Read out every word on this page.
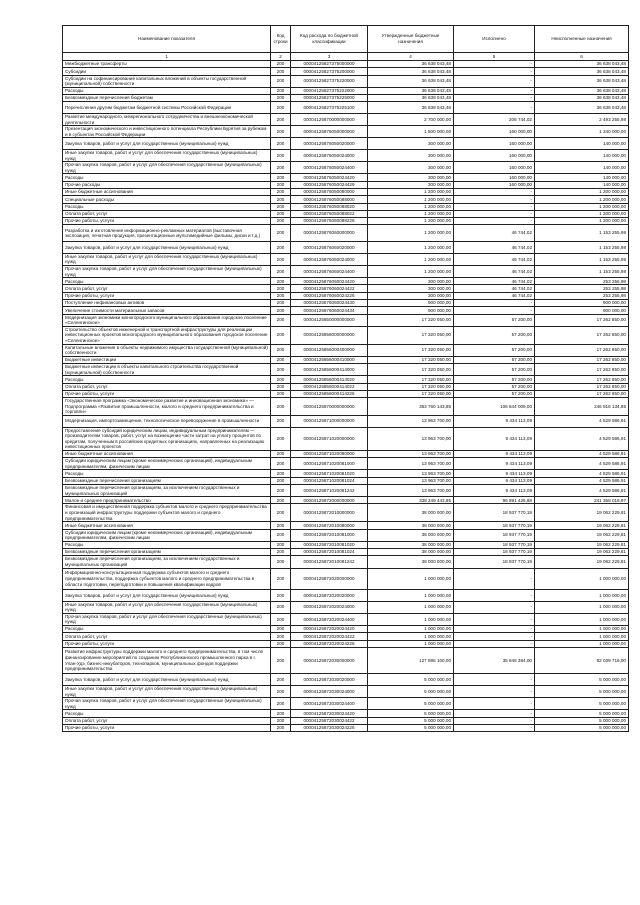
Наименование показателя	Код строки	Код расхода по бюджетной классификации	Утвержденные бюджетные назначения	Исполнено	Неисполненные назначения
1	2	3	4	5	6
Межбюджетные трансферты	200	00004125827375000000	36 638 043,48	-	36 638 043,48
Субсидии	200	00004125827375200000	36 638 043,48	-	36 638 043,48
Субсидии на софинансирование капитальных вложений в объекты государственной (муниципальной) собственности	200	00004125827375220000	36 638 043,48	-	36 638 043,48
Расходы	200	00004125827375222000	36 638 043,48	-	36 638 043,48
Безвозмездные перечисления бюджетам	200	00004125827375225000	36 638 043,48	-	36 638 043,48
Перечисления другим бюджетам бюджетной системы Российской Федерации	200	00004125827375225100	36 638 043,48	-	36 638 043,48
Развитие международного, межрегионального сотрудничества и внешнеэкономической деятельности	200	00004125870000000000	2 700 000,00	206 744,02	2 493 255,98
Презентация экономического и инвестиционного потенциала Республики Бурятия за рубежом и в субъектах Российской Федерации	200	00004125876050000000	1 500 000,00	160 000,00	1 340 000,00
Закупка товаров, работ и услуг для государственных (муниципальных) нужд	200	00004125876050020000	300 000,00	160 000,00	140 000,00
Иные закупки товаров, работ и услуг для обеспечения государственных (муниципальных) нужд	200	00004125876050024000	300 000,00	160 000,00	140 000,00
Прочая закупка товаров, работ и услуг для обеспечения государственных (муниципальных) нужд	200	00004125876050024400	300 000,00	160 000,00	140 000,00
Расходы	200	00004125876050024420	300 000,00	160 000,00	140 000,00
Прочие расходы	200	00004125876050024429	300 000,00	160 000,00	140 000,00
Иные бюджетные ассигнования	200	00004125876050080000	1 200 000,00	-	1 200 000,00
Специальные расходы	200	00004125876050088000	1 200 000,00	-	1 200 000,00
Расходы	200	00004125876050088020	1 200 000,00	-	1 200 000,00
Оплата работ, услуг	200	00004125876050088022	1 200 000,00	-	1 200 000,00
Прочие работы, услуги	200	00004125876050088226	1 200 000,00	-	1 200 000,00
Разработка и изготовление информационно-рекламных материалов (выставочная экспозиция, печатная продукция, презентационные мультимедийные фильмы, диски и т.д.)	200	00004125876060000000	1 200 000,00	46 744,02	1 153 255,98
Закупка товаров, работ и услуг для государственных (муниципальных) нужд	200	00004125876060020000	1 200 000,00	46 744,02	1 153 255,98
Иные закупки товаров, работ и услуг для обеспечения государственных (муниципальных) нужд	200	00004125876060024000	1 200 000,00	46 744,02	1 153 255,98
Прочая закупка товаров, работ и услуг для обеспечения государственных (муниципальных) нужд	200	00004125876060024400	1 200 000,00	46 744,02	1 153 255,98
Расходы	200	00004125876060024420	300 000,00	46 744,02	253 255,98
Оплата работ, услуг	200	00004125876060024422	300 000,00	46 744,02	253 255,98
Прочие работы, услуги	200	00004125876060024226	300 000,00	46 744,02	253 255,98
Поступление нефинансовых активов	200	00004125876060024430	900 000,00	-	900 000,00
Увеличение стоимости материальных запасов	200	00004125876060024434	900 000,00	-	900 000,00
Модернизация экономики моногородского муниципального образования городское поселение «Селенгинское»	200	00004125850000000000	17 320 050,00	57 200,00	17 262 850,00
Строительство объектов инженерной и транспортной инфраструктуры для реализации инвестиционных проектов моногородского муниципального образования городское поселение «Селенгинское»	200	00004125856000000000	17 320 050,00	57 200,00	17 262 850,00
Капитальные вложения в объекты недвижимого имущества государственной (муниципальной) собственности	200	00004125856000400000	17 320 050,00	57 200,00	17 262 850,00
Бюджетные инвестиции	200	00004125856000410000	17 320 050,00	57 200,00	17 262 850,00
Бюджетные инвестиции в объекты капитального строительства государственной (муниципальной) собственности	200	00004125856000414000	17 320 050,00	57 200,00	17 262 850,00
Расходы	200	00004125856000414020	17 320 050,00	57 200,00	17 262 850,00
Оплата работ, услуг	200	00004125856000414022	17 320 050,00	57 200,00	17 262 850,00
Прочие работы, услуги	200	00004125856000414226	17 320 050,00	57 200,00	17 262 850,00
Государственная программа «Экономическое развитие и инновационная экономика» — Подпрограмма «Развитие промышленности, малого и среднего предпринимательства и торговли»	200	00004125870000000000	353 760 143,85	106 844 009,00	246 916 134,85
Модернизация, импортозамещение, технологическое перевооружение в промышленности	200	00004125871000000000	13 963 700,00	9 434 113,09	4 529 586,91
Предоставление субсидий юридическим лицам, индивидуальным предпринимателям — производителям товаров, работ, услуг на возмещение части затрат на уплату процентов по кредитам, полученным в российских кредитных организациях, направленных на реализацию инвестиционных проектов	200	00004125871020000000	13 963 700,00	9 434 113,09	4 529 586,91
Иные бюджетные ассигнования	200	00004125871020080000	13 963 700,00	9 434 113,09	4 529 586,91
Субсидии юридическим лицам (кроме некоммерческих организаций), индивидуальным предпринимателям, физическим лицам	200	00004125871020081000	13 963 700,00	9 434 113,09	4 529 586,91
Расходы	200	00004125871020081020	13 963 700,00	9 434 113,09	4 529 586,91
Безвозмездные перечисления организациям	200	00004125871020081024	13 963 700,00	9 434 113,09	4 529 586,91
Безвозмездные перечисления организациям, за исключением государственных и муниципальных организаций	200	00004125871020081242	13 963 700,00	9 434 113,09	4 529 586,91
Малое и среднее предпринимательство	200	00004125872000000000	338 249 443,85	96 891 426,88	241 358 016,97
Финансовая и имущественная поддержка субъектов малого и среднего предпринимательства и организаций инфраструктуры поддержки субъектов малого и среднего предпринимательства	200	00004125872010000000	38 000 000,00	18 937 770,19	19 062 229,81
Иные бюджетные ассигнования	200	00004125872010080000	38 000 000,00	18 937 770,19	19 062 229,81
Субсидии юридическим лицам (кроме некоммерческих организаций), индивидуальным предпринимателям, физическим лицам	200	00004125872010081000	38 000 000,00	18 937 770,19	19 062 229,81
Расходы	200	00004125872010081020	38 000 000,00	18 937 770,19	19 062 229,81
Безвозмездные перечисления организациям	200	00004125872010081024	38 000 000,00	18 937 770,19	19 062 229,81
Безвозмездные перечисления организациям, за исключением государственных и муниципальных организаций	200	00004125872010081242	38 000 000,00	18 937 770,19	19 062 229,81
Информационно-консультационная поддержка субъектов малого и среднего предпринимательства, поддержка субъектов малого и среднего предпринимательства в области подготовки, переподготовки и повышения квалификации кадров	200	00004125872020000000	1 000 000,00	-	1 000 000,00
Закупка товаров, работ и услуг для государственных (муниципальных) нужд	200	00004125872020020000	1 000 000,00	-	1 000 000,00
Иные закупки товаров, работ и услуг для обеспечения государственных (муниципальных) нужд	200	00004125872020024000	1 000 000,00	-	1 000 000,00
Прочая закупка товаров, работ и услуг для обеспечения государственных (муниципальных) нужд	200	00004125872020024400	1 000 000,00	-	1 000 000,00
Расходы	200	00004125872020024420	1 000 000,00	-	1 000 000,00
Оплата работ, услуг	200	00004125872020024422	1 000 000,00	-	1 000 000,00
Прочие работы, услуги	200	00004125872020024226	1 000 000,00	-	1 000 000,00
Развитие инфраструктуры поддержки малого и среднего предпринимательства, в том числе финансирование мероприятий по созданию Республиканского промышленного парка в г. Улан-Удэ, бизнес-инкубаторов, технопарков, муниципальных фондов поддержки предпринимательства	200	00004125872030000000	127 886 100,00	35 846 384,00	92 039 716,00
Закупка товаров, работ и услуг для государственных (муниципальных) нужд	200	00004125872030020000	5 000 000,00	-	5 000 000,00
Иные закупки товаров, работ и услуг для обеспечения государственных (муниципальных) нужд	200	00004125872030024000	5 000 000,00	-	5 000 000,00
Прочая закупка товаров, работ и услуг для обеспечения государственных (муниципальных) нужд	200	00004125872030024400	5 000 000,00	-	5 000 000,00
Расходы	200	00004125872030024420	5 000 000,00	-	5 000 000,00
Оплата работ, услуг	200	00004125872030024422	5 000 000,00	-	5 000 000,00
Прочие работы, услуги	200	00004125872030024226	5 000 000,00	-	5 000 000,00
